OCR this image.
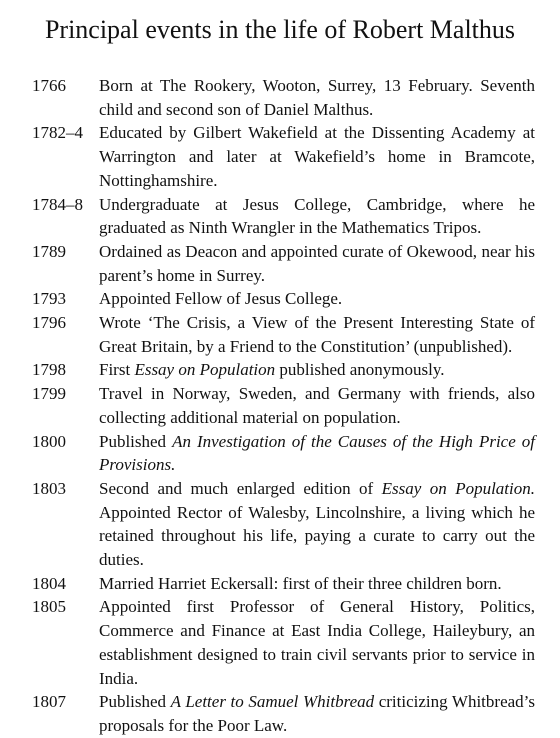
Principal events in the life of Robert Malthus
1766	Born at The Rookery, Wooton, Surrey, 13 February. Seventh child and second son of Daniel Malthus.
1782–4 Educated by Gilbert Wakefield at the Dissenting Academy at Warrington and later at Wakefield’s home in Bramcote, Nottinghamshire.
1784–8 Undergraduate at Jesus College, Cambridge, where he graduated as Ninth Wrangler in the Mathematics Tripos.
1789	Ordained as Deacon and appointed curate of Okewood, near his parent’s home in Surrey.
1793	Appointed Fellow of Jesus College.
1796	Wrote ‘The Crisis, a View of the Present Interesting State of Great Britain, by a Friend to the Constitution’ (unpublished).
1798	First Essay on Population published anonymously.
1799	Travel in Norway, Sweden, and Germany with friends, also collecting additional material on population.
1800	Published An Investigation of the Causes of the High Price of Provisions.
1803	Second and much enlarged edition of Essay on Population. Appointed Rector of Walesby, Lincolnshire, a living which he retained throughout his life, paying a curate to carry out the duties.
1804	Married Harriet Eckersall: first of their three children born.
1805	Appointed first Professor of General History, Politics, Commerce and Finance at East India College, Haileybury, an establishment designed to train civil servants prior to service in India.
1807	Published A Letter to Samuel Whitbread criticizing Whitbread’s proposals for the Poor Law.
